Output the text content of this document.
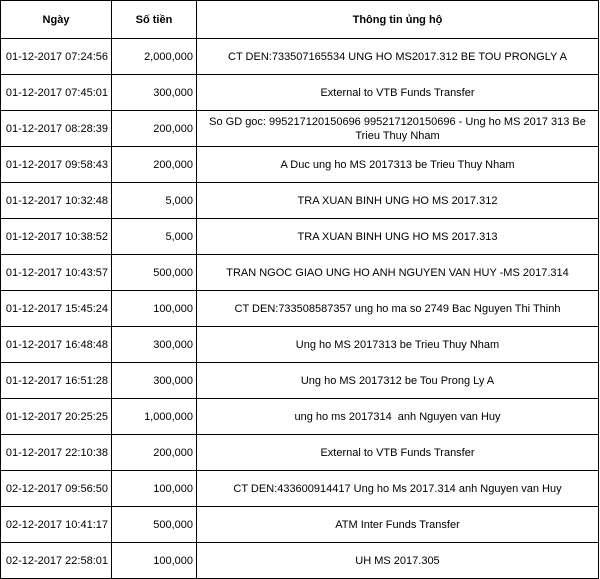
Ngày	Số tiền	Thông tin ủng hộ
01-12-2017 07:24:56	2,000,000	CT DEN:733507165534 UNG HO MS2017.312 BE TOU PRONGLY A
01-12-2017 07:45:01	300,000	External to VTB Funds Transfer
01-12-2017 08:28:39	200,000	So GD goc: 995217120150696 995217120150696 - Ung ho MS 2017 313 Be Trieu Thuy Nham
01-12-2017 09:58:43	200,000	A Duc ung ho MS 2017313 be Trieu Thuy Nham
01-12-2017 10:32:48	5,000	TRA XUAN BINH UNG HO MS 2017.312
01-12-2017 10:38:52	5,000	TRA XUAN BINH UNG HO MS 2017.313
01-12-2017 10:43:57	500,000	TRAN NGOC GIAO UNG HO ANH NGUYEN VAN HUY -MS 2017.314
01-12-2017 15:45:24	100,000	CT DEN:733508587357 ung ho ma so 2749 Bac Nguyen Thi Thinh
01-12-2017 16:48:48	300,000	Ung ho MS 2017313 be Trieu Thuy Nham
01-12-2017 16:51:28	300,000	Ung ho MS 2017312 be Tou Prong Ly A
01-12-2017 20:25:25	1,000,000	ung ho ms 2017314  anh Nguyen van Huy
01-12-2017 22:10:38	200,000	External to VTB Funds Transfer
02-12-2017 09:56:50	100,000	CT DEN:433600914417 Ung ho Ms 2017.314 anh Nguyen van Huy
02-12-2017 10:41:17	500,000	ATM Inter Funds Transfer
02-12-2017 22:58:01	100,000	UH MS 2017.305
